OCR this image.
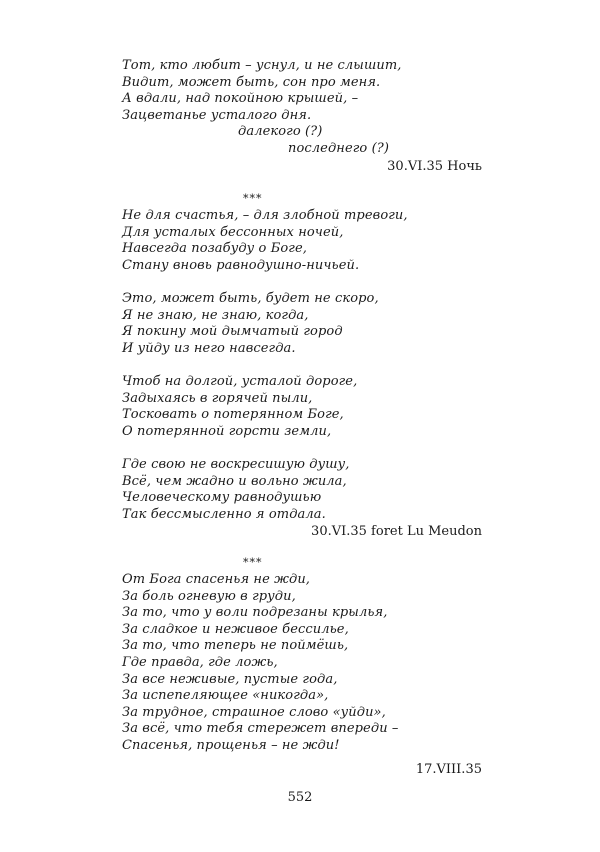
Тот, кто любит – уснул, и не слышит,
Видит, может быть, сон про меня.
А вдали, над покойною крышей, –
Зацветанье усталого дня.
далекого (?)
последнего (?)
30.VI.35 Ночь
***
Не для счастья, – для злобной тревоги,
Для усталых бессонных ночей,
Навсегда позабуду о Боге,
Стану вновь равнодушно-ничьей.
Это, может быть, будет не скоро,
Я не знаю, не знаю, когда,
Я покину мой дымчатый город
И уйду из него навсегда.
Чтоб на долгой, усталой дороге,
Задыхаясь в горячей пыли,
Тосковать о потерянном Боге,
О потерянной горсти земли,
Где свою не воскресишую душу,
Всё, чем жадно и вольно жила,
Человеческому равнодушью
Так бессмысленно я отдала.
30.VI.35 foret Lu Meudon
***
От Бога спасенья не жди,
За боль огневую в груди,
За то, что у воли подрезаны крылья,
За сладкое и неживое бессилье,
За то, что теперь не поймёшь,
Где правда, где ложь,
За все неживые, пустые года,
За испепеляющее «никогда»,
За трудное, страшное слово «уйди»,
За всё, что тебя стережет впереди –
Спасенья, прощенья – не жди!
17.VIII.35
552
